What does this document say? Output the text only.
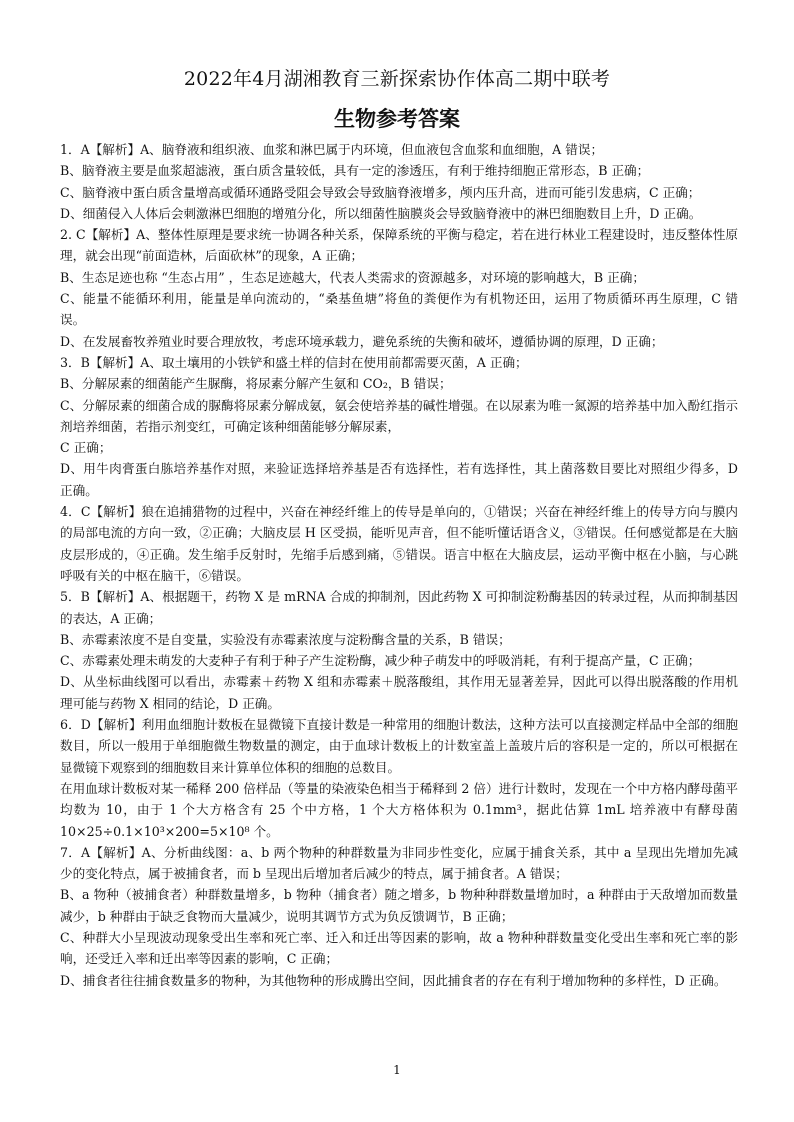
2022年4月湖湘教育三新探索协作体高二期中联考
生物参考答案

1．A【解析】A、脑脊液和组织液、血浆和淋巴属于内环境，但血液包含血浆和血细胞，A 错误；

B、脑脊液主要是血浆超滤液，蛋白质含量较低，具有一定的渗透压，有利于维持细胞正常形态，B 正确；

C、脑脊液中蛋白质含量增高或循环通路受阻会导致会导致脑脊液增多，颅内压升高，进而可能引发患病，C 正确；

D、细菌侵入人体后会刺激淋巴细胞的增殖分化，所以细菌性脑膜炎会导致脑脊液中的淋巴细胞数目上升，D 正确。

2. C【解析】A、整体性原理是要求统一协调各种关系，保障系统的平衡与稳定，若在进行林业工程建设时，违反整体性原理，就会出现“前面造林，后面砍林”的现象，A 正确；

B、生态足迹也称 “生态占用” ，生态足迹越大，代表人类需求的资源越多，对环境的影响越大，B 正确；

C、能量不能循环利用，能量是单向流动的，“桑基鱼塘”将鱼的粪便作为有机物还田，运用了物质循环再生原理，C 错误。

D、在发展畜牧养殖业时要合理放牧，考虑环境承载力，避免系统的失衡和破坏，遵循协调的原理，D 正确；

3．B【解析】A、取土壤用的小铁铲和盛土样的信封在使用前都需要灭菌，A 正确；

B、分解尿素的细菌能产生脲酶，将尿素分解产生氨和 CO₂，B 错误；

C、分解尿素的细菌合成的脲酶将尿素分解成氨，氨会使培养基的碱性增强。在以尿素为唯一氮源的培养基中加入酚红指示剂培养细菌，若指示剂变红，可确定该种细菌能够分解尿素，

C 正确；

D、用牛肉膏蛋白胨培养基作对照，来验证选择培养基是否有选择性，若有选择性，其上菌落数目要比对照组少得多，D 正确。

4．C【解析】狼在追捕猎物的过程中，兴奋在神经纤维上的传导是单向的，①错误；兴奋在神经纤维上的传导方向与膜内的局部电流的方向一致，②正确；大脑皮层 H 区受损，能听见声音，但不能听懂话语含义，③错误。任何感觉都是在大脑皮层形成的，④正确。发生缩手反射时，先缩手后感到痛，⑤错误。语言中枢在大脑皮层，运动平衡中枢在小脑，与心跳呼吸有关的中枢在脑干，⑥错误。

5．B【解析】A、根据题干，药物 X 是 mRNA 合成的抑制剂，因此药物 X 可抑制淀粉酶基因的转录过程，从而抑制基因的表达，A 正确；

B、赤霉素浓度不是自变量，实验没有赤霉素浓度与淀粉酶含量的关系，B 错误；

C、赤霉素处理未萌发的大麦种子有利于种子产生淀粉酶，减少种子萌发中的呼吸消耗，有利于提高产量，C 正确；

D、从坐标曲线图可以看出，赤霉素＋药物 X 组和赤霉素＋脱落酸组，其作用无显著差异，因此可以得出脱落酸的作用机理可能与药物 X 相同的结论，D 正确。

6．D【解析】利用血细胞计数板在显微镜下直接计数是一种常用的细胞计数法，这种方法可以直接测定样品中全部的细胞数目，所以一般用于单细胞微生物数量的测定，由于血球计数板上的计数室盖上盖玻片后的容积是一定的，所以可根据在显微镜下观察到的细胞数目来计算单位体积的细胞的总数目。

在用血球计数板对某一稀释 200 倍样品（等量的染液染色相当于稀释到 2 倍）进行计数时，发现在一个中方格内酵母菌平均数为 10，由于 1 个大方格含有 25 个中方格，1 个大方格体积为 0.1mm³，据此估算 1mL 培养液中有酵母菌 10×25÷0.1×10³×200=5×10⁸ 个。

7．A【解析】A、分析曲线图：a、b 两个物种的种群数量为非同步性变化，应属于捕食关系，其中 a 呈现出先增加先减少的变化特点，属于被捕食者，而 b 呈现出后增加者后减少的特点，属于捕食者。A 错误；

B、a 物种（被捕食者）种群数量增多，b 物种（捕食者）随之增多，b 物种种群数量增加时，a 种群由于天敌增加而数量减少，b 种群由于缺乏食物而大量减少，说明其调节方式为负反馈调节，B 正确；

C、种群大小呈现波动现象受出生率和死亡率、迁入和迁出等因素的影响，故 a 物种种群数量变化受出生率和死亡率的影响，还受迁入率和迁出率等因素的影响，C 正确；

D、捕食者往往捕食数量多的物种，为其他物种的形成腾出空间，因此捕食者的存在有利于增加物种的多样性，D 正确。

1
